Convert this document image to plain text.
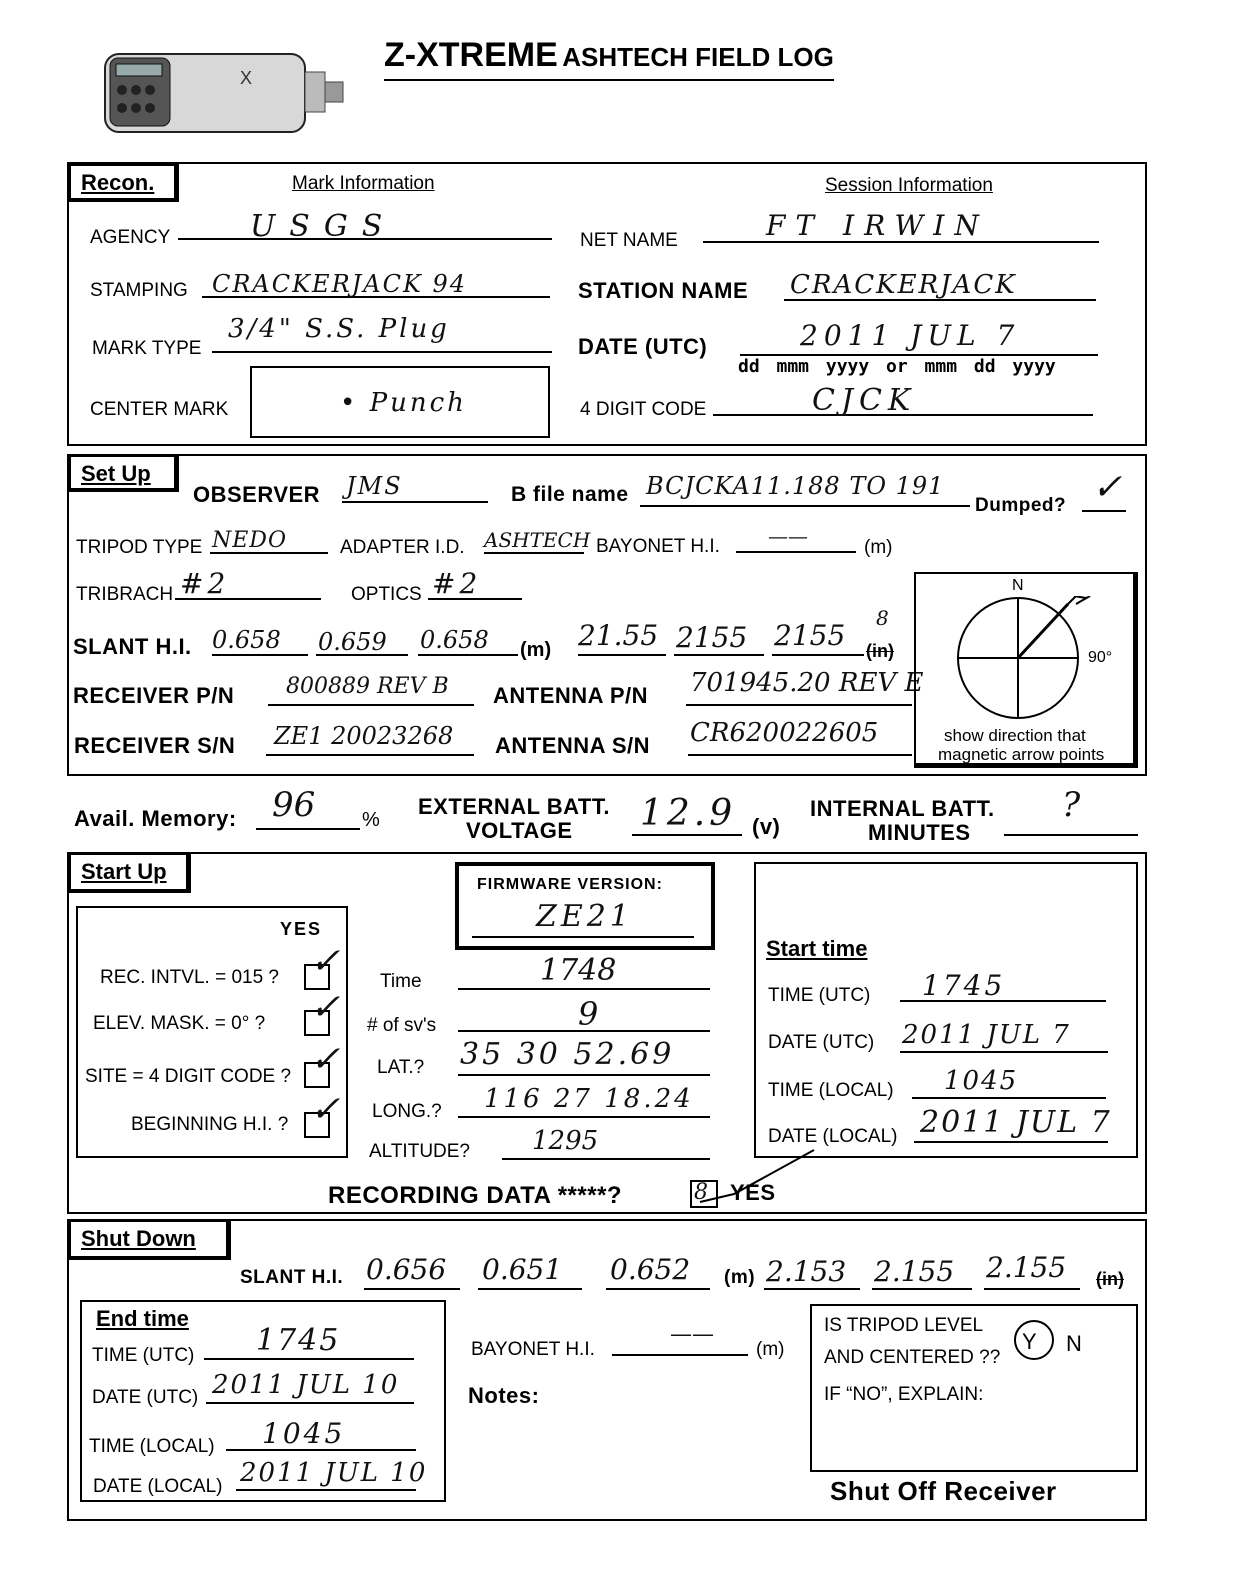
X
Z-XTREME ASHTECH FIELD LOG
Recon.	Mark Information	Session Information
AGENCY	USGS
STAMPING CRACKERJACK 94
MARK TYPE
3/4" S.S. Plug
CENTER MARK	• Punch
NET NAME	FT IRWIN
STATION NAME CRACKERJACK
DATE (UTC)	2011 JUL 7
dd mmm yyyy or mmm dd yyyy
4 DIGIT CODE	CJCK
Set Up
OBSERVER JMS	B file name BCJCKA11.188 TO 191
Dumped? ✓
TRIPOD TYPE NEDO	ADAPTER I.D. ASHTECH BAYONET H.I. ——	(m)
TRIBRACH #2	OPTICS #2
SLANT H.I. 0.658 0.659 0.658 (m) 21.55 2155 2155 (in)
8
RECEIVER P/N 800889 REV B ANTENNA P/N 701945.20 REV E
RECEIVER S/N ZE1 20023268 ANTENNA S/N CR620022605
N
90°
show direction that
magnetic arrow points
Avail. Memory: 96 %
EXTERNAL BATT.
VOLTAGE 12.9 (v)
INTERNAL BATT.
MINUTES
?
Start Up
YES
REC. INTVL. = 015 ? ✓
ELEV. MASK. = 0° ? ✓
SITE = 4 DIGIT CODE ? ✓
BEGINNING H.I. ? ✓
FIRMWARE VERSION:
ZE21
Time	1748
# of sv's	9
LAT.? 35 30 52.69
LONG.? 116 27 18.24
ALTITUDE? 1295
Start time
TIME (UTC) 1745
DATE (UTC) 2011 JUL 7
TIME (LOCAL) 1045
DATE (LOCAL) 2011 JUL 7
RECORDING DATA *****?	8 YES
Shut Down
SLANT H.I. 0.656 0.651 0.652 (m) 2.153 2.155 2.155 (in)
End time
TIME (UTC) 1745
DATE (UTC) 2011 JUL 10
TIME (LOCAL) 1045
DATE (LOCAL) 2011 JUL 10
BAYONET H.I.
——
(m)
Notes:
IS TRIPOD LEVEL
AND CENTERED ??
Y N
IF “NO”, EXPLAIN:
Shut Off Receiver
